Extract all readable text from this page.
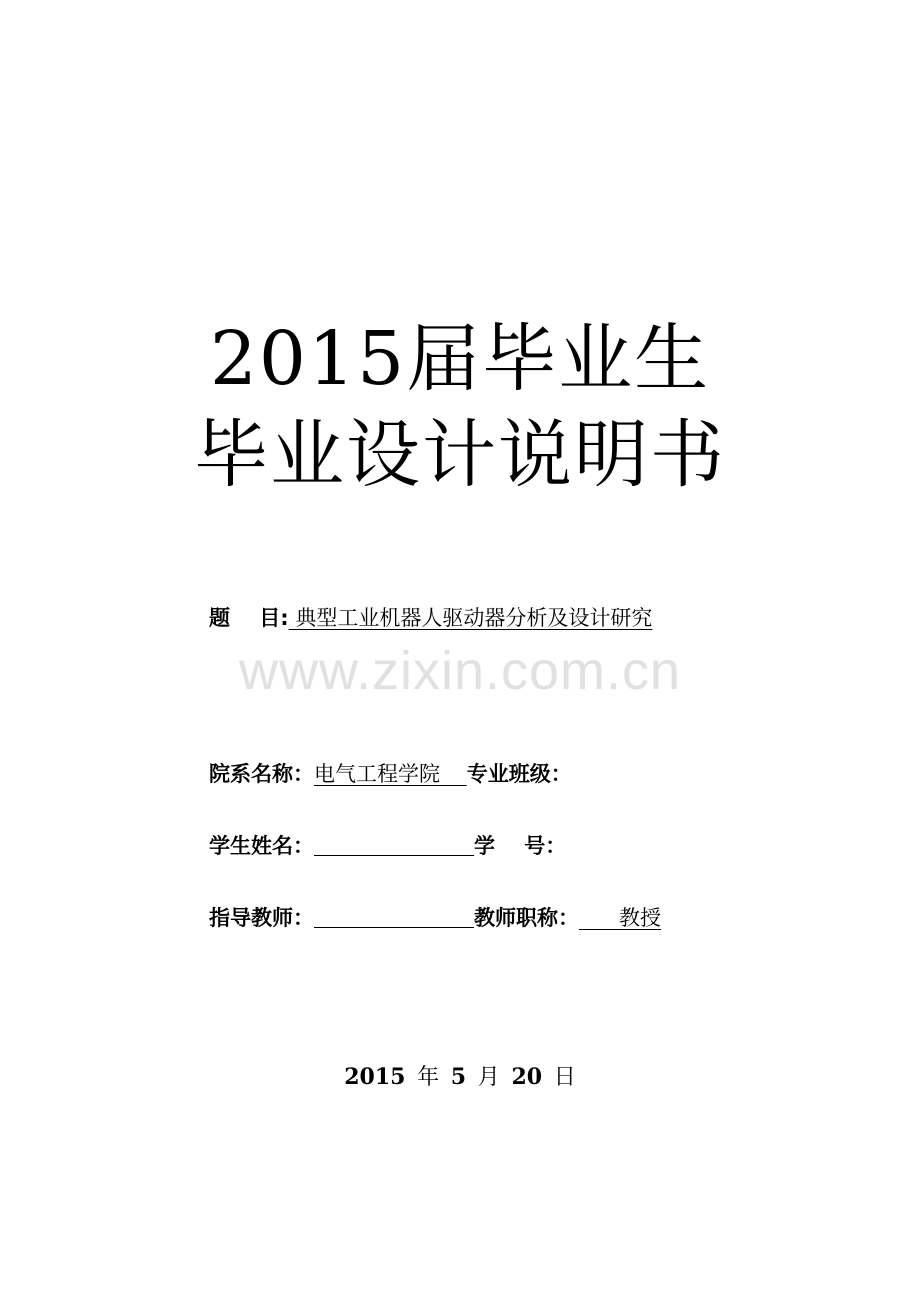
2015届毕业生
毕业设计说明书
题    目: 典型工业机器人驱动器分析及设计研究
www.zixin.com.cn
院系名称： 电气工程学院 专业班级：
学生姓名：	学    号：
指导教师：	教师职称： 教授
2015 年 5 月 20 日
